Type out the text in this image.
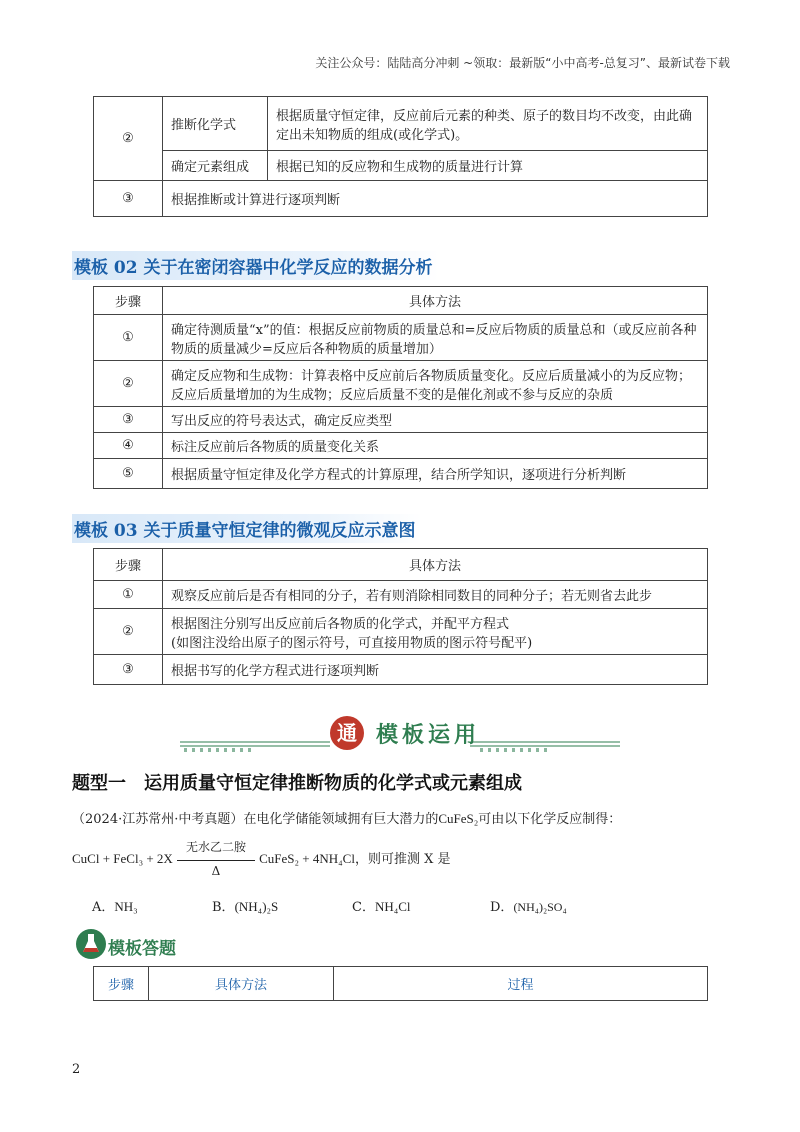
关注公众号：陆陆高分冲刺 ~领取：最新版“小中高考-总复习”、最新试卷下载
②	推断化学式	根据质量守恒定律，反应前后元素的种类、原子的数目均不改变，由此确定出未知物质的组成(或化学式)。
	确定元素组成	根据已知的反应物和生成物的质量进行计算
③	根据推断或计算进行逐项判断	
模板 02 关于在密闭容器中化学反应的数据分析
步骤	具体方法
①	确定待测质量“x”的值：根据反应前物质的质量总和=反应后物质的质量总和（或反应前各种物质的质量减少=反应后各种物质的质量增加）
②	确定反应物和生成物：计算表格中反应前后各物质质量变化。反应后质量减小的为反应物；反应后质量增加的为生成物；反应后质量不变的是催化剂或不参与反应的杂质
③	写出反应的符号表达式，确定反应类型
④	标注反应前后各物质的质量变化关系
⑤	根据质量守恒定律及化学方程式的计算原理，结合所学知识，逐项进行分析判断
模板 03 关于质量守恒定律的微观反应示意图
步骤	具体方法
①	观察反应前后是否有相同的分子，若有则消除相同数目的同种分子；若无则省去此步
②	根据图注分别写出反应前后各物质的化学式，并配平方程式
(如图注没给出原子的图示符号，可直接用物质的图示符号配平)

③	根据书写的化学方程式进行逐项判断
通 模板运用
题型一　运用质量守恒定律推断物质的化学式或元素组成
（2024·江苏常州·中考真题）在电化学储能领域拥有巨大潜力的CuFeS₂可由以下化学反应制得：
CuCl + FeCl₃ + 2X
无水乙二胺
Δ
CuFeS₂ + 4NH₄Cl，则可推测 X 是
A．NH₃	B．(NH₄)₂S	C．NH₄Cl	D．(NH₄)₂SO₄
模板答题
步骤	具体方法	过程
2
